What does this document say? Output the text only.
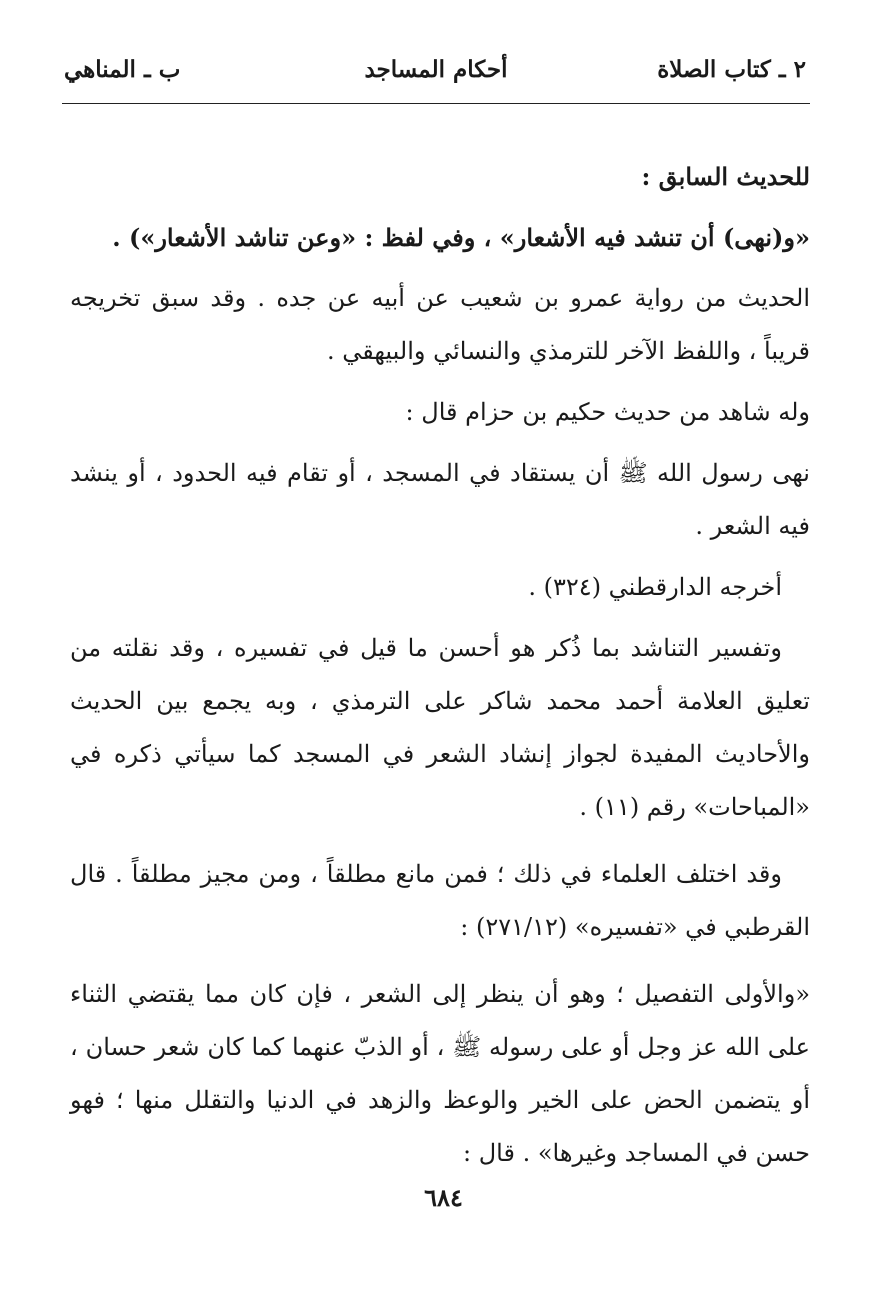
٢ ـ كتاب الصلاة
أحكام المساجد
ب ـ المناهي

للحديث السابق :

«و(نهى) أن تنشد فيه الأشعار» ، وفي لفظ : «وعن تناشد الأشعار») .

الحديث من رواية عمرو بن شعيب عن أبيه عن جده . وقد سبق تخريجه قريباً ، واللفظ الآخر للترمذي والنسائي والبيهقي .

وله شاهد من حديث حكيم بن حزام قال :

نهى رسول الله ﷺ أن يستقاد في المسجد ، أو تقام فيه الحدود ، أو ينشد فيه الشعر .

أخرجه الدارقطني (٣٢٤) .

وتفسير التناشد بما ذُكر هو أحسن ما قيل في تفسيره ، وقد نقلته من تعليق العلامة أحمد محمد شاكر على الترمذي ، وبه يجمع بين الحديث والأحاديث المفيدة لجواز إنشاد الشعر في المسجد كما سيأتي ذكره في «المباحات» رقم (١١) .

وقد اختلف العلماء في ذلك ؛ فمن مانع مطلقاً ، ومن مجيز مطلقاً . قال القرطبي في «تفسيره» (٢٧١/١٢) :

«والأولى التفصيل ؛ وهو أن ينظر إلى الشعر ، فإن كان مما يقتضي الثناء على الله عز وجل أو على رسوله ﷺ ، أو الذبّ عنهما كما كان شعر حسان ، أو يتضمن الحض على الخير والوعظ والزهد في الدنيا والتقلل منها ؛ فهو حسن في المساجد وغيرها» . قال :

٦٨٤
